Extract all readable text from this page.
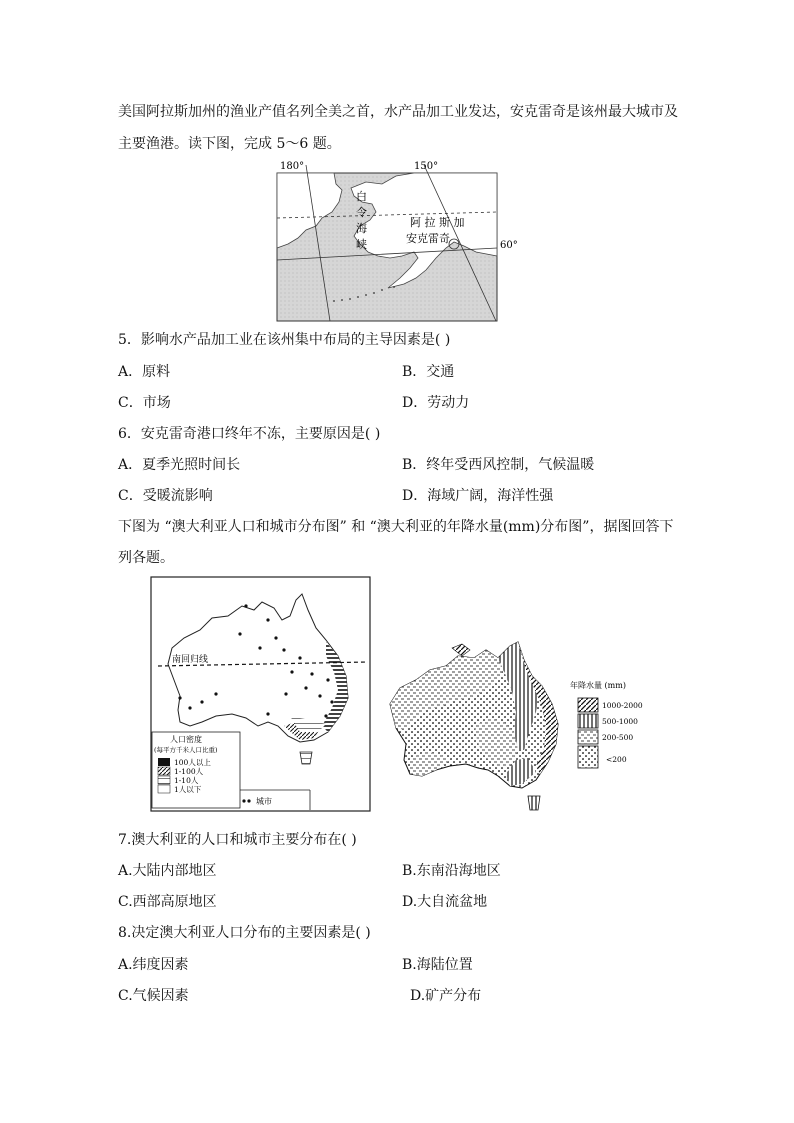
美国阿拉斯加州的渔业产值名列全美之首，水产品加工业发达，安克雷奇是该州最大城市及
主要渔港。读下图，完成 5～6 题。
180°	150°
60°
白
令
海
峡
阿 拉 斯 加
安克雷奇
5．影响水产品加工业在该州集中布局的主导因素是( )
A．原料	B．交通
C．市场	D．劳动力
6．安克雷奇港口终年不冻，主要原因是( )
A．夏季光照时间长	B．终年受西风控制，气候温暖
C．受暖流影响	D．海域广阔，海洋性强
下图为 “澳大利亚人口和城市分布图” 和 “澳大利亚的年降水量(mm)分布图”，据图回答下
列各题。
南回归线
人口密度
(每平方千米人口比重)
100人以上
1-100人
1-10人
1人以下
城市
年降水量 (mm)
1000-2000
500-1000
200-500
<200
7.澳大利亚的人口和城市主要分布在( )
A.大陆内部地区	B.东南沿海地区
C.西部高原地区	D.大自流盆地
8.决定澳大利亚人口分布的主要因素是( )
A.纬度因素	B.海陆位置
C.气候因素	D.矿产分布
